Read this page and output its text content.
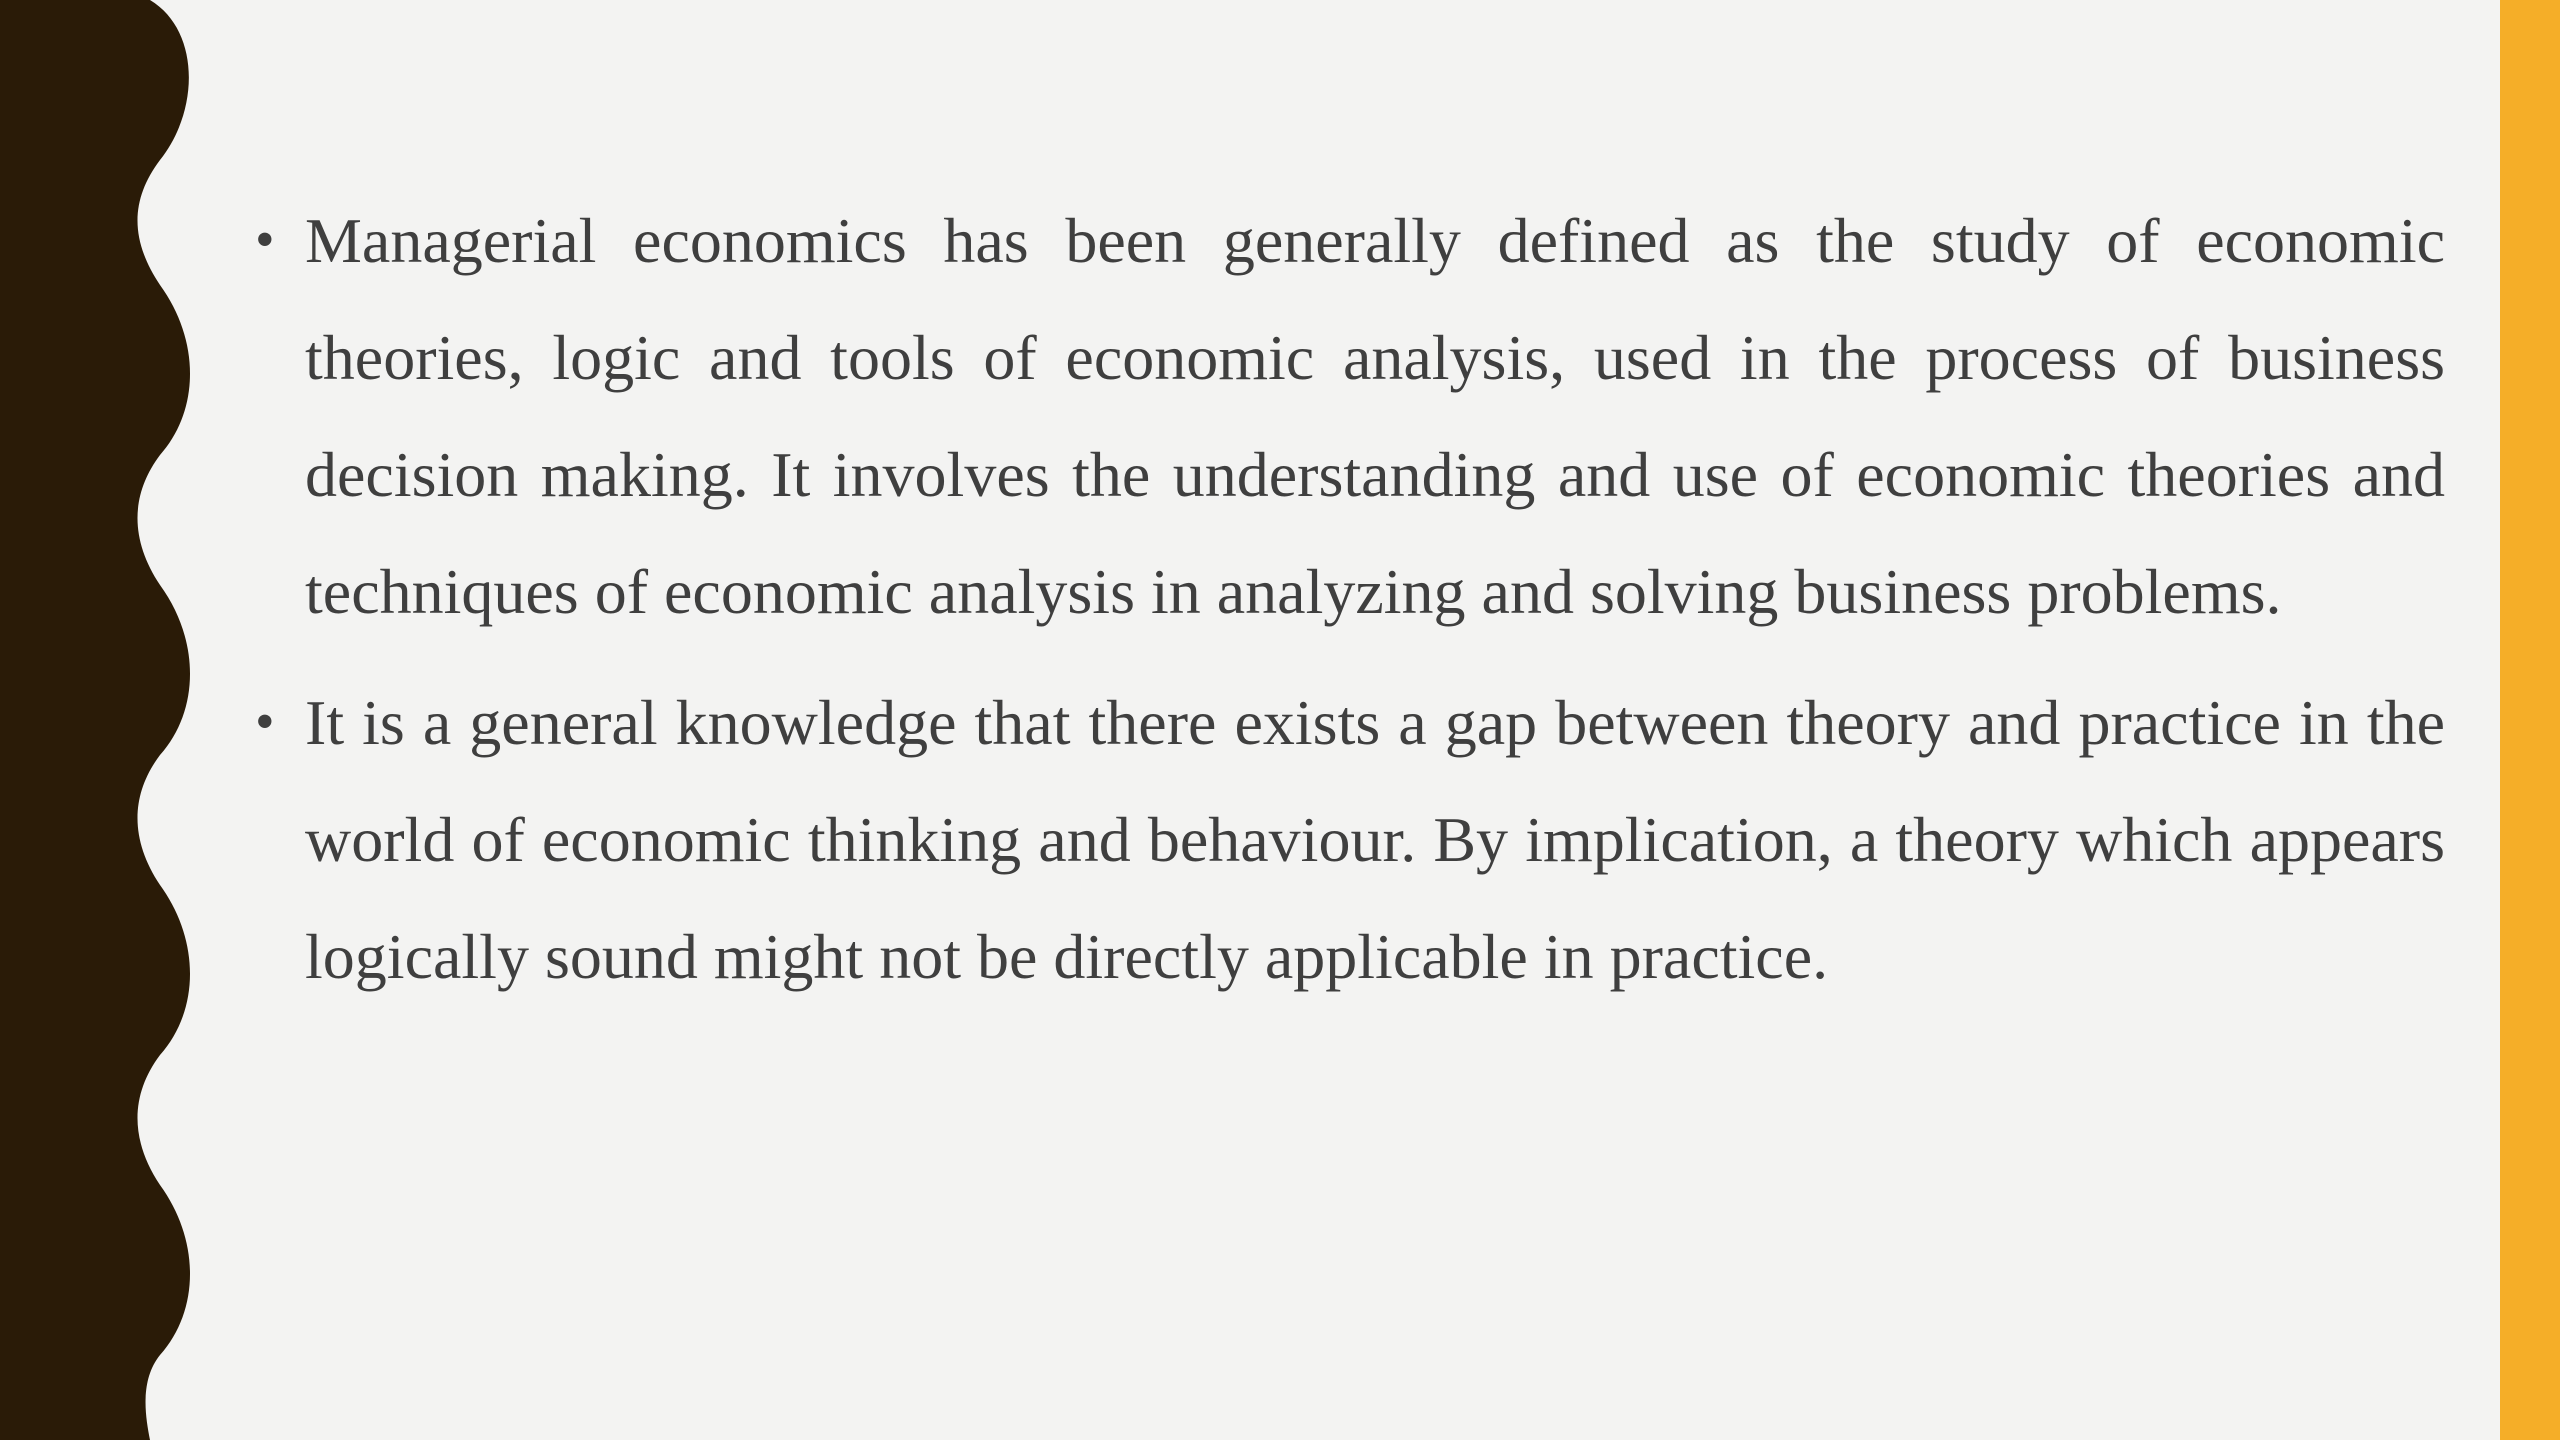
• Managerial economics has been generally defined as the study of economic theories, logic and tools of economic analysis, used in the process of business decision making. It involves the understanding and use of economic theories and techniques of economic analysis in analyzing and solving business problems.
• It is a general knowledge that there exists a gap between theory and practice in the world of economic thinking and behaviour. By implication, a theory which appears logically sound might not be directly applicable in practice.
